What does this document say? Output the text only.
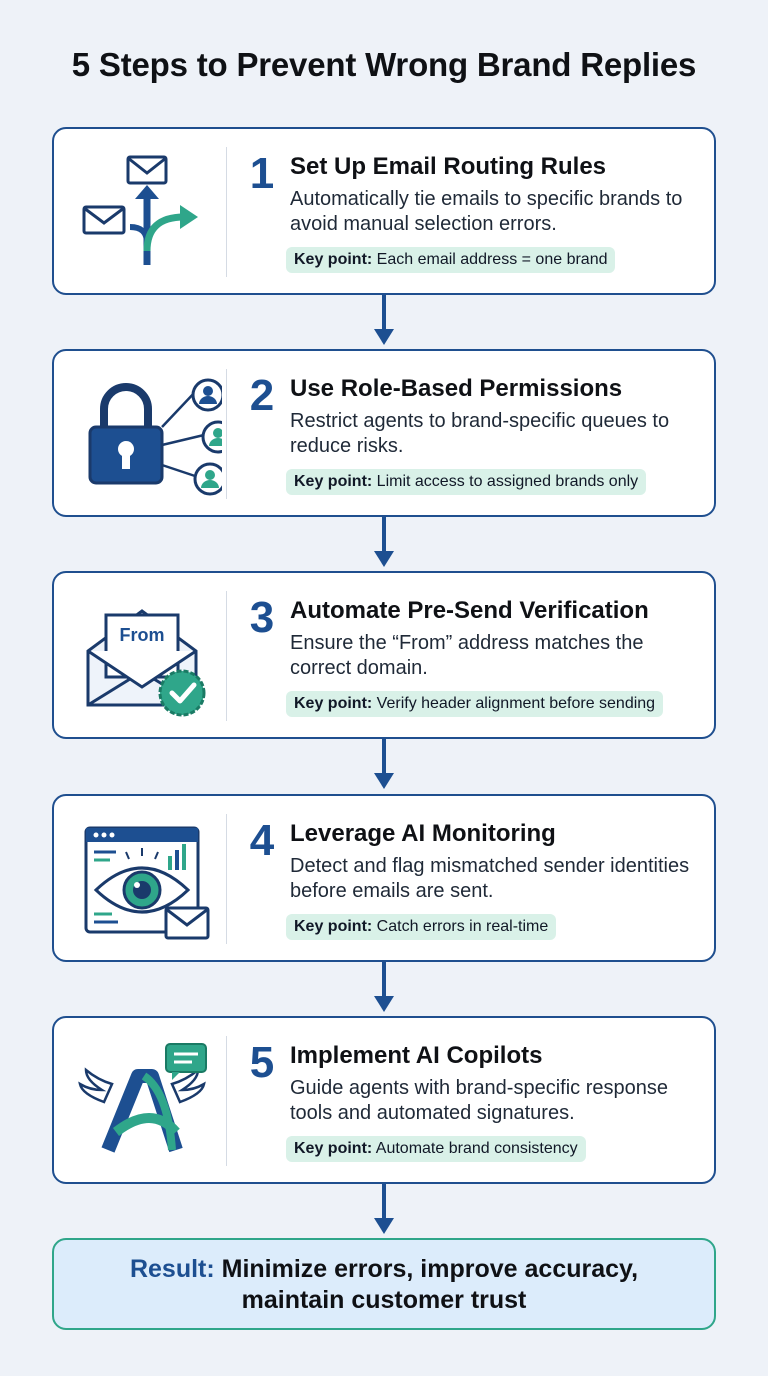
5 Steps to Prevent Wrong Brand Replies
1 Set Up Email Routing Rules
Automatically tie emails to specific brands to avoid manual selection errors.
Key point: Each email address = one brand
2 Use Role-Based Permissions
Restrict agents to brand-specific queues to reduce risks.
Key point: Limit access to assigned brands only
From 3 Automate Pre-Send Verification
Ensure the “From” address matches the correct domain.
Key point: Verify header alignment before sending
4 Leverage AI Monitoring
Detect and flag mismatched sender identities before emails are sent.
Key point: Catch errors in real-time
5 Implement AI Copilots
Guide agents with brand-specific response tools and automated signatures.
Key point: Automate brand consistency
Result: Minimize errors, improve accuracy,
maintain customer trust
